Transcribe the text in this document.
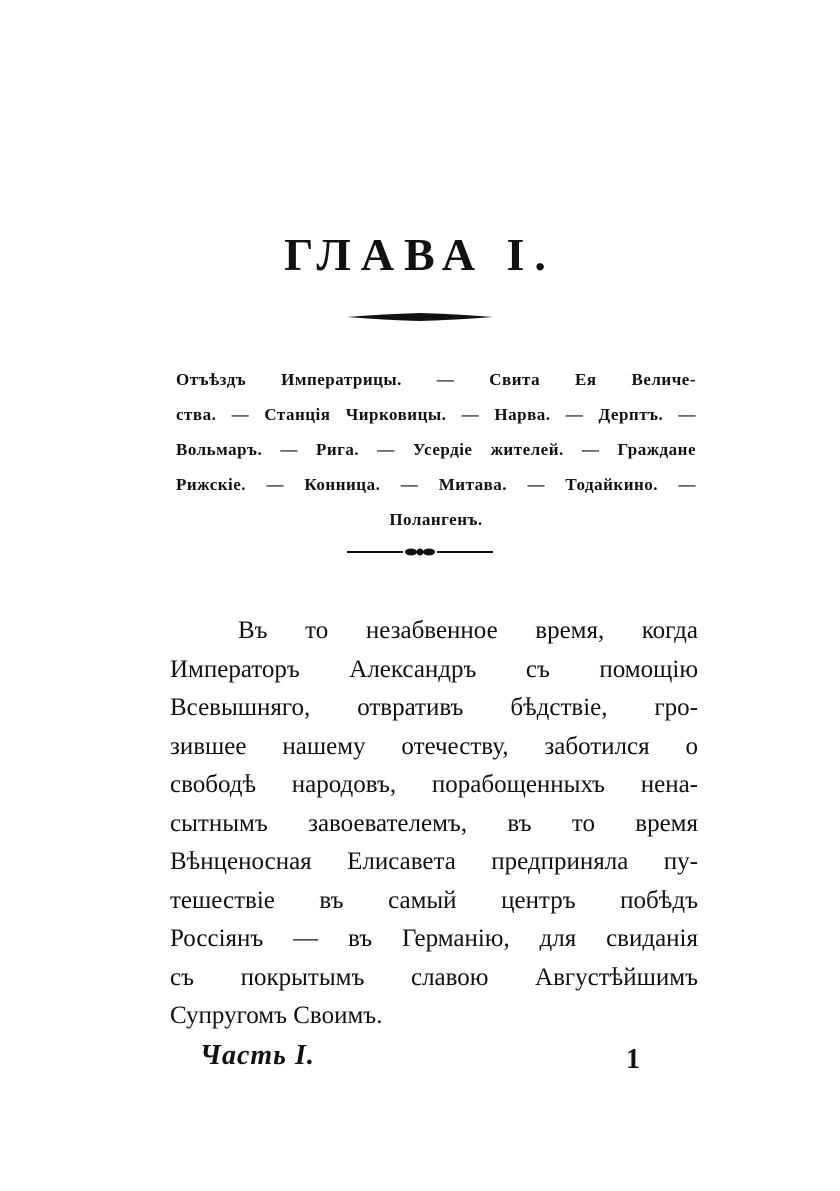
ГЛАВА I.
Отъѣздъ Императрицы. — Свита Ея Величе-
ства. — Станція Чирковицы. — Нарва. — Дерптъ. —
Вольмаръ. — Рига. — Усердіе жителей. — Граждане
Рижскіе. — Конница. — Митава. — Тодайкино. —
Полангенъ.
Въ то незабвенное время, когда
Императоръ Александръ съ помощію
Всевышняго, отвративъ бѣдствіе, гро-
зившее нашему отечеству, заботился о
свободѣ народовъ, порабощенныхъ нена-
сытнымъ завоевателемъ, въ то время
Вѣнценосная Елисавета предприняла пу-
тешествіе въ самый центръ побѣдъ
Россіянъ — въ Германію, для свиданія
съ покрытымъ славою Августѣйшимъ
Супругомъ Своимъ.
Часть I.	1
